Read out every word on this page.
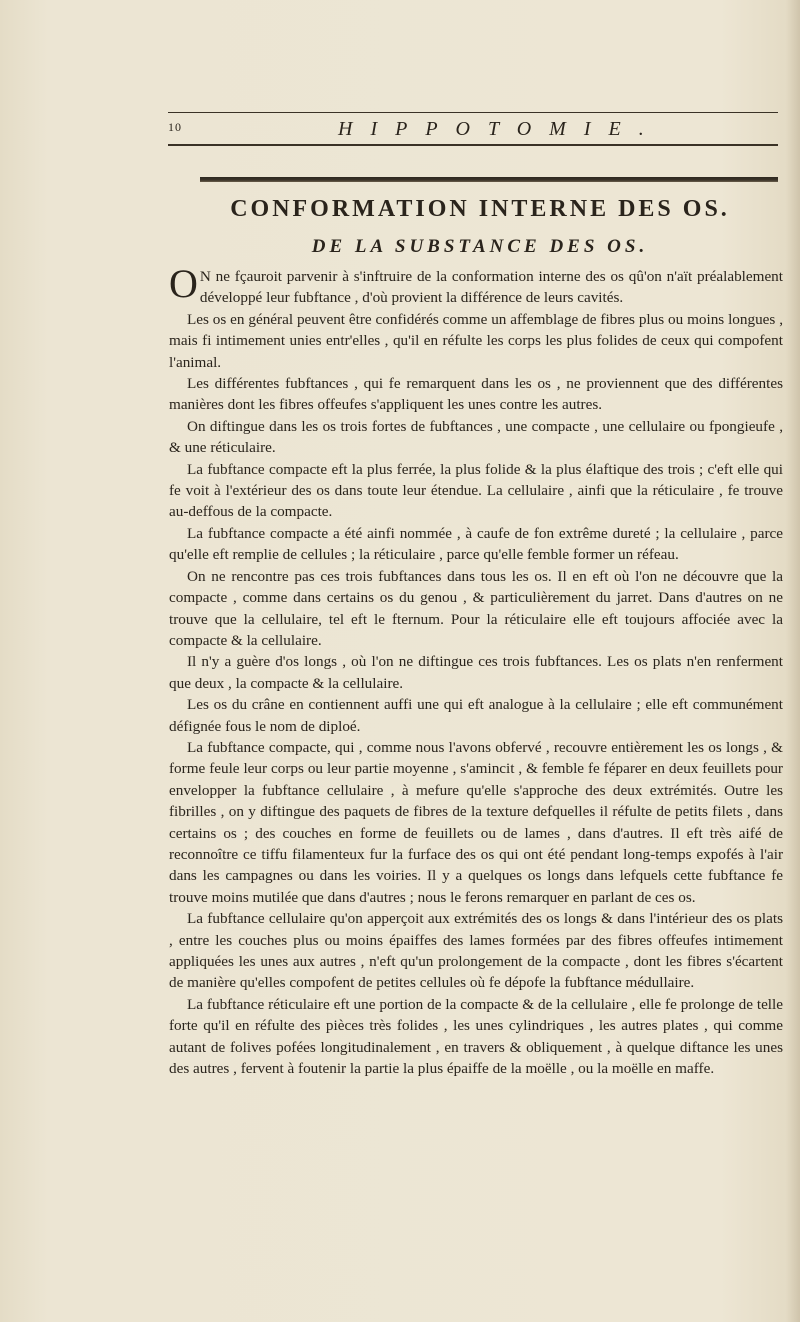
10	HIPPOTOMIE.
CONFORMATION INTERNE DES OS.
DE LA SUBSTANCE DES OS.

O N ne fçauroit parvenir à s'inftruire de la conformation interne des os qû'on n'aït préalablement développé leur fubftance , d'où provient la différence de leurs cavités.

Les os en général peuvent être confidérés comme un affemblage de fibres plus ou moins longues , mais fi intimement unies entr'elles , qu'il en réfulte les corps les plus folides de ceux qui compofent l'animal.

Les différentes fubftances , qui fe remarquent dans les os , ne proviennent que des différentes manières dont les fibres offeufes s'appliquent les unes contre les autres.

On diftingue dans les os trois fortes de fubftances , une compacte , une cellulaire ou fpongieufe , & une réticulaire.

La fubftance compacte eft la plus ferrée, la plus folide & la plus élaftique des trois ; c'eft elle qui fe voit à l'extérieur des os dans toute leur étendue. La cellulaire , ainfi que la réticulaire , fe trouve au-deffous de la compacte.

La fubftance compacte a été ainfi nommée , à caufe de fon extrême dureté ; la cellulaire , parce qu'elle eft remplie de cellules ; la réticulaire , parce qu'elle femble former un réfeau.

On ne rencontre pas ces trois fubftances dans tous les os. Il en eft où l'on ne découvre que la compacte , comme dans certains os du genou , & particulièrement du jarret. Dans d'autres on ne trouve que la cellulaire, tel eft le fternum. Pour la réticulaire elle eft toujours affociée avec la compacte & la cellulaire.

Il n'y a guère d'os longs , où l'on ne diftingue ces trois fubftances. Les os plats n'en renferment que deux , la compacte & la cellulaire.

Les os du crâne en contiennent auffi une qui eft analogue à la cellulaire ; elle eft communément défignée fous le nom de diploé.

La fubftance compacte, qui , comme nous l'avons obfervé , recouvre entièrement les os longs , & forme feule leur corps ou leur partie moyenne , s'amincit , & femble fe féparer en deux feuillets pour envelopper la fubftance cellulaire , à mefure qu'elle s'approche des deux extrémités. Outre les fibrilles , on y diftingue des paquets de fibres de la texture defquelles il réfulte de petits filets , dans certains os ; des couches en forme de feuillets ou de lames , dans d'autres. Il eft très aifé de reconnoître ce tiffu filamenteux fur la furface des os qui ont été pendant long-temps expofés à l'air dans les campagnes ou dans les voiries. Il y a quelques os longs dans lefquels cette fubftance fe trouve moins mutilée que dans d'autres ; nous le ferons remarquer en parlant de ces os.

La fubftance cellulaire qu'on apperçoit aux extrémités des os longs & dans l'intérieur des os plats , entre les couches plus ou moins épaiffes des lames formées par des fibres offeufes intimement appliquées les unes aux autres , n'eft qu'un prolongement de la compacte , dont les fibres s'écartent de manière qu'elles compofent de petites cellules où fe dépofe la fubftance médullaire.

La fubftance réticulaire eft une portion de la compacte & de la cellulaire , elle fe prolonge de telle forte qu'il en réfulte des pièces très folides , les unes cylindriques , les autres plates , qui comme autant de folives pofées longitudinalement , en travers & obliquement , à quelque diftance les unes des autres , fervent à foutenir la partie la plus épaiffe de la moëlle , ou la moëlle en maffe.
